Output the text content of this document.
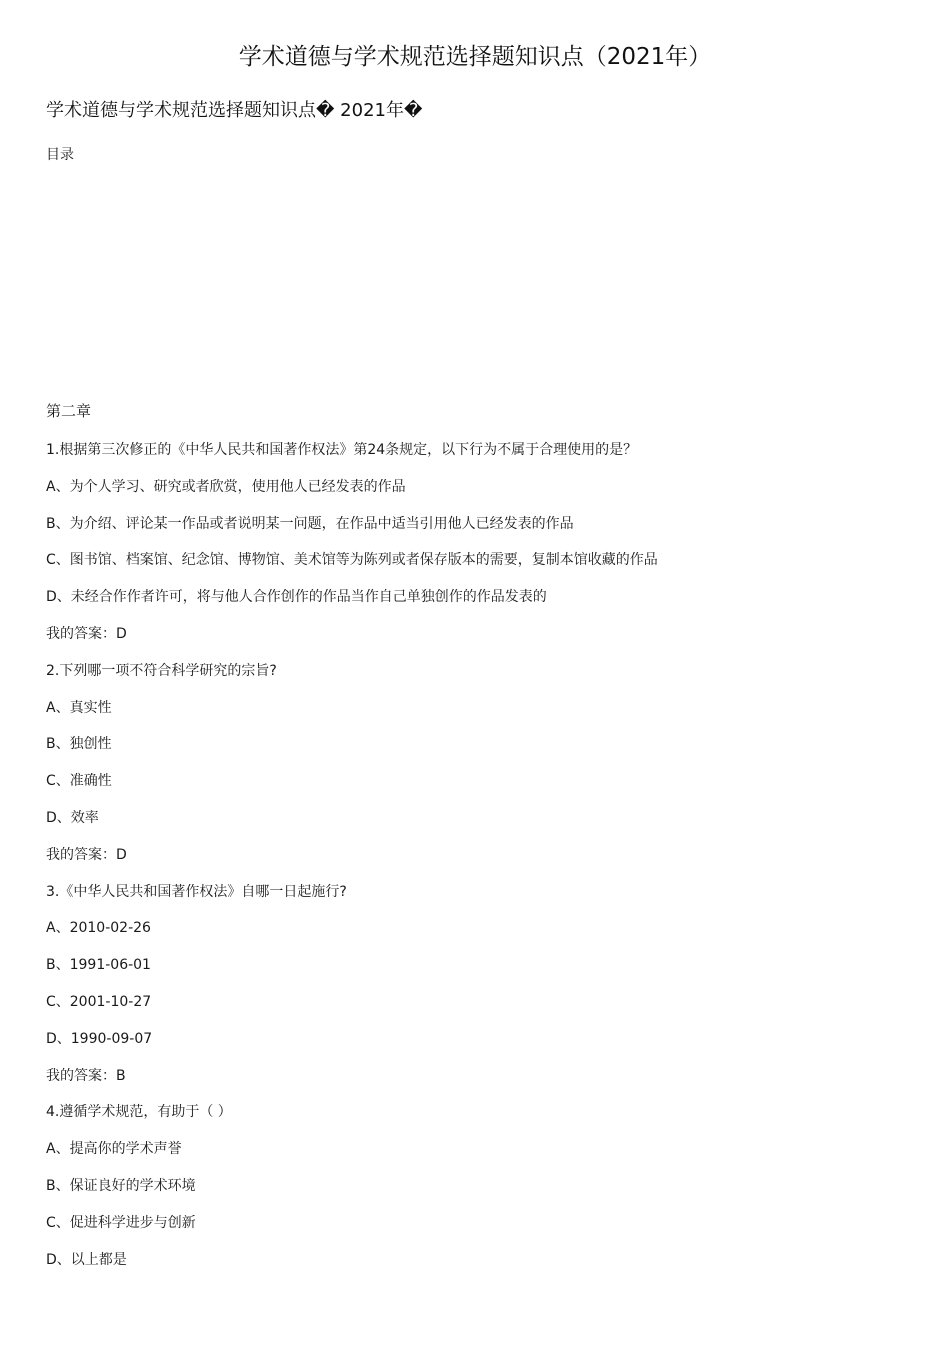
学术道德与学术规范选择题知识点（2021年）
学术道德与学术规范选择题知识点� 2021年�
目录
第二章
1.根据第三次修正的《中华人民共和国著作权法》第24条规定，以下行为不属于合理使用的是？
A、为个人学习、研究或者欣赏，使用他人已经发表的作品
B、为介绍、评论某一作品或者说明某一问题，在作品中适当引用他人已经发表的作品
C、图书馆、档案馆、纪念馆、博物馆、美术馆等为陈列或者保存版本的需要，复制本馆收藏的作品
D、未经合作作者许可，将与他人合作创作的作品当作自己单独创作的作品发表的
我的答案：D
2.下列哪一项不符合科学研究的宗旨?
A、真实性
B、独创性
C、准确性
D、效率
我的答案：D
3.《中华人民共和国著作权法》自哪一日起施行?
A、2010-02-26
B、1991-06-01
C、2001-10-27
D、1990-09-07
我的答案：B
4.遵循学术规范，有助于（ ）
A、提高你的学术声誉
B、保证良好的学术环境
C、促进科学进步与创新
D、以上都是
